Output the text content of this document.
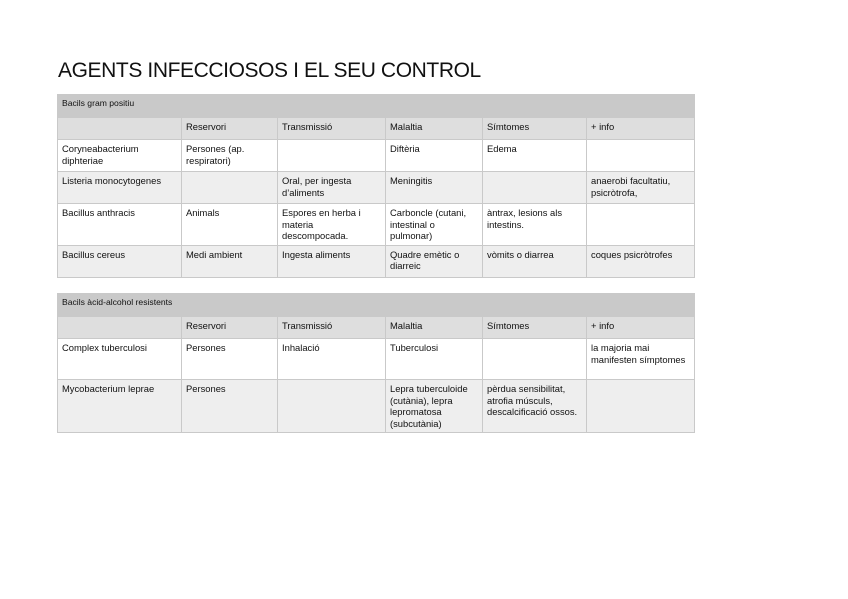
AGENTS INFECCIOSOS I EL SEU CONTROL
Bacils gram positiu					
	Reservori	Transmissió	Malaltia	Símtomes	+ info
Coryneabacterium diphteriae	Persones (ap. respiratori)		Diftèria	Edema	
Listeria monocytogenes		Oral, per ingesta d’aliments	Meningitis		anaerobi facultatiu, psicròtrofa,
Bacillus anthracis	Animals	Espores en herba i materia descompocada.	Carboncle (cutani, intestinal o pulmonar)	àntrax, lesions als intestins.	
Bacillus cereus	Medi ambient	Ingesta aliments	Quadre emètic o diarreic	vòmits o diarrea	coques psicròtrofes
Bacils àcid-alcohol resistents					
	Reservori	Transmissió	Malaltia	Símtomes	+ info
Complex tuberculosi	Persones	Inhalació	Tuberculosi		la majoria mai manifesten símptomes
Mycobacterium leprae	Persones		Lepra tuberculoide (cutània), lepra lepromatosa (subcutània)	pèrdua sensibilitat, atrofia músculs, descalcificació ossos.	
